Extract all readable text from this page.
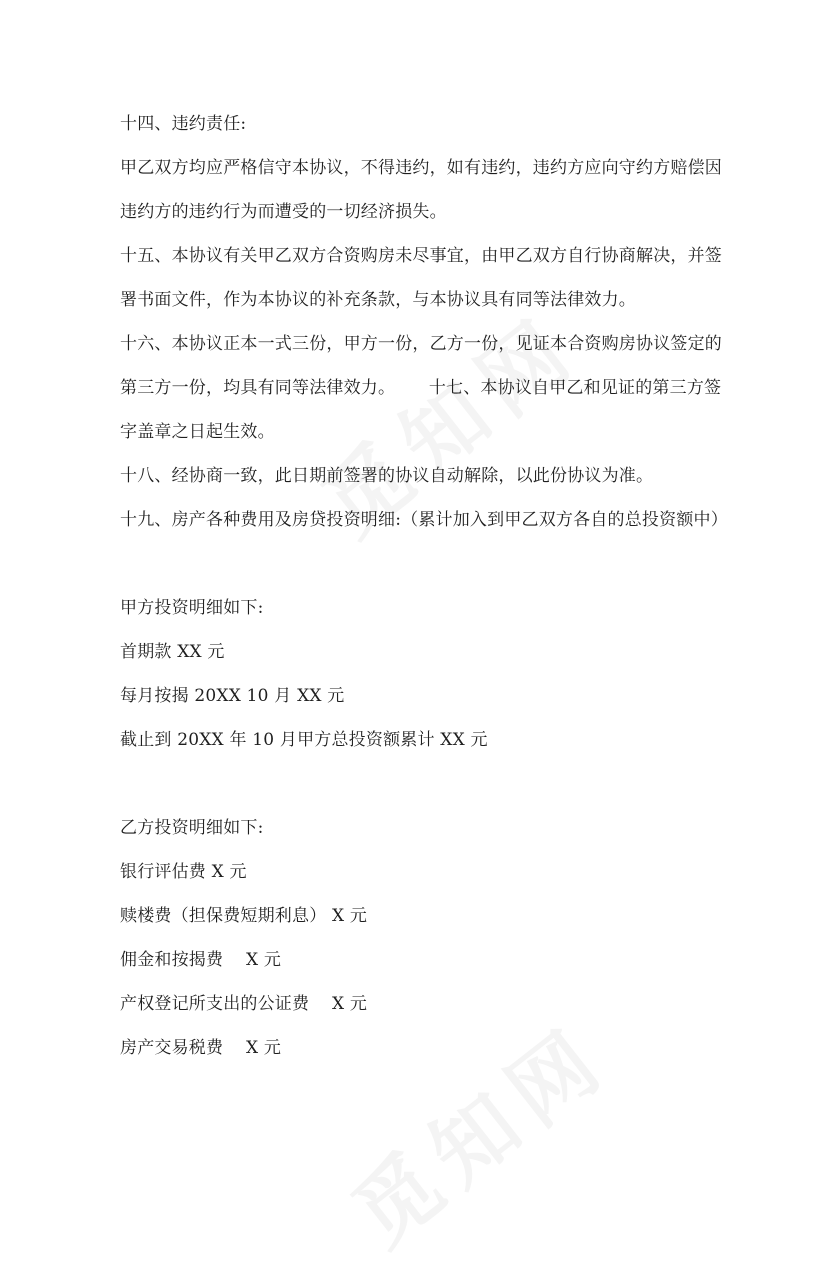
十四、违约责任:
甲乙双方均应严格信守本协议，不得违约，如有违约，违约方应向守约方赔偿因
违约方的违约行为而遭受的一切经济损失。
十五、本协议有关甲乙双方合资购房未尽事宜，由甲乙双方自行协商解决，并签
署书面文件，作为本协议的补充条款，与本协议具有同等法律效力。
十六、本协议正本一式三份，甲方一份，乙方一份，见证本合资购房协议签定的
第三方一份，均具有同等法律效力。      十七、本协议自甲乙和见证的第三方签
字盖章之日起生效。
十八、经协商一致，此日期前签署的协议自动解除，以此份协议为准。
十九、房产各种费用及房贷投资明细:（累计加入到甲乙双方各自的总投资额中）
甲方投资明细如下:
首期款 XX 元
每月按揭 20XX 10 月 XX 元
截止到 20XX 年 10 月甲方总投资额累计 XX 元
乙方投资明细如下:
银行评估费 X 元
赎楼费（担保费短期利息） X 元
佣金和按揭费　 X 元
产权登记所支出的公证费　 X 元
房产交易税费　 X 元
